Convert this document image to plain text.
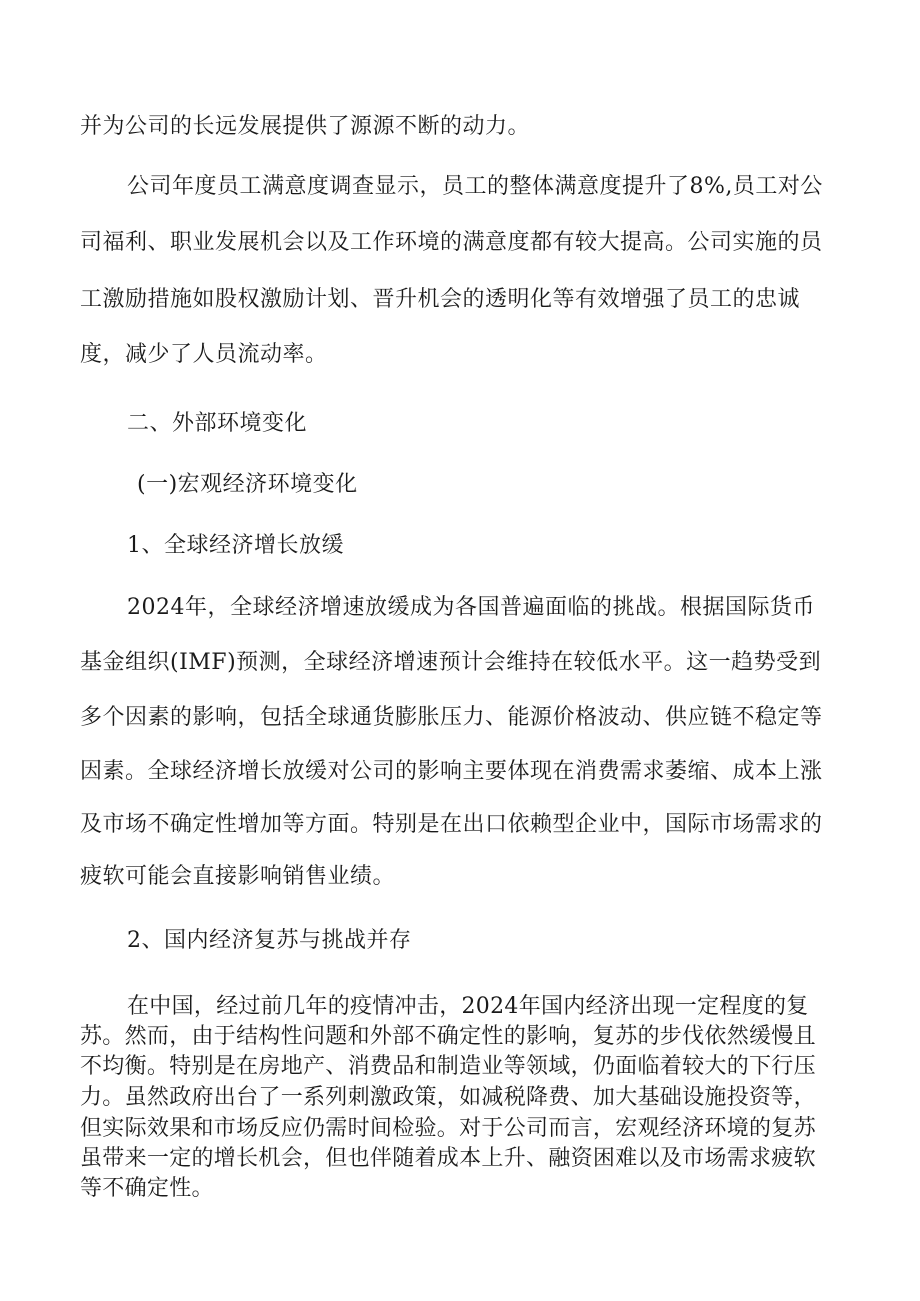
并为公司的长远发展提供了源源不断的动力。
公司年度员工满意度调查显示，员工的整体满意度提升了8%,员工对公
司福利、职业发展机会以及工作环境的满意度都有较大提高。公司实施的员
工激励措施如股权激励计划、晋升机会的透明化等有效增强了员工的忠诚
度，减少了人员流动率。
二、外部环境变化
(一)宏观经济环境变化
1、全球经济增长放缓
2024年，全球经济增速放缓成为各国普遍面临的挑战。根据国际货币
基金组织(IMF)预测，全球经济增速预计会维持在较低水平。这一趋势受到
多个因素的影响，包括全球通货膨胀压力、能源价格波动、供应链不稳定等
因素。全球经济增长放缓对公司的影响主要体现在消费需求萎缩、成本上涨
及市场不确定性增加等方面。特别是在出口依赖型企业中，国际市场需求的
疲软可能会直接影响销售业绩。
2、国内经济复苏与挑战并存
在中国，经过前几年的疫情冲击，2024年国内经济出现一定程度的复
苏。然而，由于结构性问题和外部不确定性的影响，复苏的步伐依然缓慢且
不均衡。特别是在房地产、消费品和制造业等领域，仍面临着较大的下行压
力。虽然政府出台了一系列刺激政策，如减税降费、加大基础设施投资等，
但实际效果和市场反应仍需时间检验。对于公司而言，宏观经济环境的复苏
虽带来一定的增长机会，但也伴随着成本上升、融资困难以及市场需求疲软
等不确定性。
